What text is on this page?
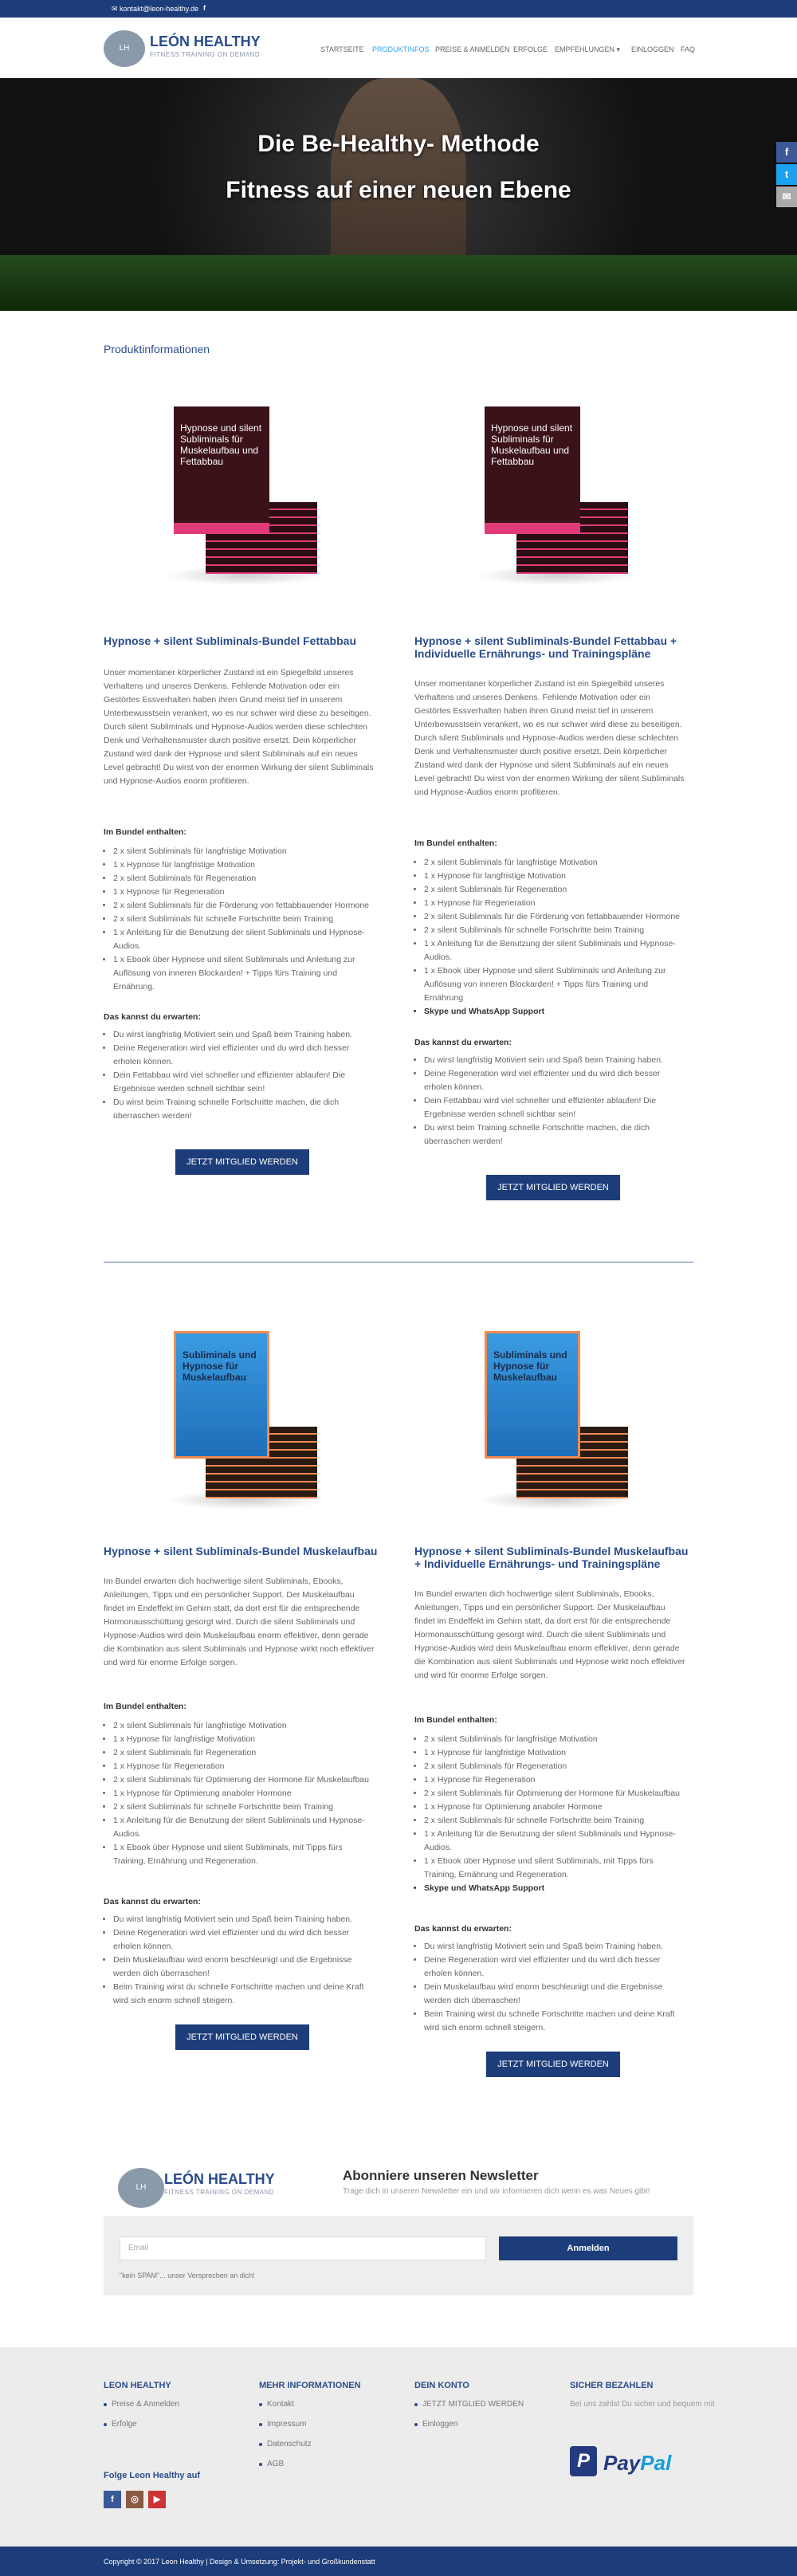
✉ kontakt@leon-healthy.de f
LH	LEÓN HEALTHY
FITNESS TRAINING ON DEMAND
STARTSEITE PRODUKTINFOS PREISE & ANMELDEN ERFOLGE EMPFEHLUNGEN ▾ EINLOGGEN FAQ
Die Be-Healthy- Methode
Fitness auf einer neuen Ebene
f
t
✉
Produktinformationen
Hypnose und silent Subliminals für Muskelaufbau und Fettabbau
Hypnose + silent Subliminals-Bundel Fettabbau
Unser momentaner körperlicher Zustand ist ein Spiegelbild unseres Verhaltens und unseres Denkens. Fehlende Motivation oder ein Gestörtes Essverhalten haben ihren Grund meist tief in unserem Unterbewusstsein verankert, wo es nur schwer wird diese zu beseitigen. Durch silent Subliminals und Hypnose-Audios werden diese schlechten Denk und Verhaltensmuster durch positive ersetzt. Dein körperlicher Zustand wird dank der Hypnose und silent Subliminals auf ein neues Level gebracht! Du wirst von der enormen Wirkung der silent Subliminals und Hypnose-Audios enorm profitieren.
Im Bundel enthalten:
• 2 x silent Subliminals für langfristige Motivation
• 1 x Hypnose für langfristige Motivation
• 2 x silent Subliminals für Regeneration
• 1 x Hypnose für Regeneration
• 2 x silent Subliminals für die Förderung von fettabbauender Hormone
• 2 x silent Subliminals für schnelle Fortschritte beim Training
• 1 x Anleitung für die Benutzung der silent Subliminals und Hypnose-Audios.
• 1 x Ebook über Hypnose und silent Subliminals und Anleitung zur Auflösung von inneren Blockarden! + Tipps fürs Training und Ernährung.
Das kannst du erwarten:
• Du wirst langfristig Motiviert sein und Spaß beim Training haben.
• Deine Regeneration wird viel effizienter und du wird dich besser erholen können.
• Dein Fettabbau wird viel schneller und effizienter ablaufen! Die Ergebnisse werden schnell sichtbar sein!
• Du wirst beim Training schnelle Fortschritte machen, die dich überraschen werden!
JETZT MITGLIED WERDEN
Hypnose und silent Subliminals für Muskelaufbau und Fettabbau
Hypnose + silent Subliminals-Bundel Fettabbau + Individuelle Ernährungs- und Trainingspläne
Unser momentaner körperlicher Zustand ist ein Spiegelbild unseres Verhaltens und unseres Denkens. Fehlende Motivation oder ein Gestörtes Essverhalten haben ihren Grund meist tief in unserem Unterbewusstsein verankert, wo es nur schwer wird diese zu beseitigen. Durch silent Subliminals und Hypnose-Audios werden diese schlechten Denk und Verhaltensmuster durch positive ersetzt. Dein körperlicher Zustand wird dank der Hypnose und silent Subliminals auf ein neues Level gebracht! Du wirst von der enormen Wirkung der silent Subliminals und Hypnose-Audios enorm profitieren.
Im Bundel enthalten:
• 2 x silent Subliminals für langfristige Motivation
• 1 x Hypnose für langfristige Motivation
• 2 x silent Subliminals für Regeneration
• 1 x Hypnose für Regeneration
• 2 x silent Subliminals für die Förderung von fettabbauender Hormone
• 2 x silent Subliminals für schnelle Fortschritte beim Training
• 1 x Anleitung für die Benutzung der silent Subliminals und Hypnose-Audios.
• 1 x Ebook über Hypnose und silent Subliminals und Anleitung zur Auflösung von inneren Blockarden! + Tipps fürs Training und Ernährung
• Skype und WhatsApp Support
Das kannst du erwarten:
• Du wirst langfristig Motiviert sein und Spaß beim Training haben.
• Deine Regeneration wird viel effizienter und du wird dich besser erholen können.
• Dein Fettabbau wird viel schneller und effizienter ablaufen! Die Ergebnisse werden schnell sichtbar sein!
• Du wirst beim Training schnelle Fortschritte machen, die dich überraschen werden!
JETZT MITGLIED WERDEN
Subliminals und Hypnose für Muskelaufbau
Hypnose + silent Subliminals-Bundel Muskelaufbau
Im Bundel erwarten dich hochwertige silent Subliminals, Ebooks, Anleitungen, Tipps und ein persönlicher Support. Der Muskelaufbau findet im Endeffekt im Gehirn statt, da dort erst für die entsprechende Hormonausschüttung gesorgt wird. Durch die silent Subliminals und Hypnose-Audios wird dein Muskelaufbau enorm effektiver, denn gerade die Kombination aus silent Subliminals und Hypnose wirkt noch effektiver und wird für enorme Erfolge sorgen.
Im Bundel enthalten:
• 2 x silent Subliminals für langfristige Motivation
• 1 x Hypnose für langfristige Motivation
• 2 x silent Subliminals für Regeneration
• 1 x Hypnose für Regeneration
• 2 x silent Subliminals für Optimierung der Hormone für Muskelaufbau
• 1 x Hypnose für Optimierung anaboler Hormone
• 2 x silent Subliminals für schnelle Fortschritte beim Training
• 1 x Anleitung für die Benutzung der silent Subliminals und Hypnose-Audios.
• 1 x Ebook über Hypnose und silent Subliminals, mit Tipps fürs Training, Ernährung und Regeneration.
Das kannst du erwarten:
• Du wirst langfristig Motiviert sein und Spaß beim Training haben.
• Deine Regeneration wird viel effizienter und du wird dich besser erholen können.
• Dein Muskelaufbau wird enorm beschleunigt und die Ergebnisse werden dich überraschen!
• Beim Training wirst du schnelle Fortschritte machen und deine Kraft wird sich enorm schnell steigern.
JETZT MITGLIED WERDEN
Subliminals und Hypnose für Muskelaufbau
Hypnose + silent Subliminals-Bundel Muskelaufbau + Individuelle Ernährungs- und Trainingspläne
Im Bundel erwarten dich hochwertige silent Subliminals, Ebooks, Anleitungen, Tipps und ein persönlicher Support. Der Muskelaufbau findet im Endeffekt im Gehirn statt, da dort erst für die entsprechende Hormonausschüttung gesorgt wird. Durch die silent Subliminals und Hypnose-Audios wird dein Muskelaufbau enorm effektiver, denn gerade die Kombination aus silent Subliminals und Hypnose wirkt noch effektiver und wird für enorme Erfolge sorgen.
Im Bundel enthalten:
• 2 x silent Subliminals für langfristige Motivation
• 1 x Hypnose für langfristige Motivation
• 2 x silent Subliminals für Regeneration
• 1 x Hypnose für Regeneration
• 2 x silent Subliminals für Optimierung der Hormone für Muskelaufbau
• 1 x Hypnose für Optimierung anaboler Hormone
• 2 x silent Subliminals für schnelle Fortschritte beim Training
• 1 x Anleitung für die Benutzung der silent Subliminals und Hypnose-Audios.
• 1 x Ebook über Hypnose und silent Subliminals, mit Tipps fürs Training, Ernährung und Regeneration.
• Skype und WhatsApp Support
Das kannst du erwarten:
• Du wirst langfristig Motiviert sein und Spaß beim Training haben.
• Deine Regeneration wird viel effizienter und du wird dich besser erholen können.
• Dein Muskelaufbau wird enorm beschleunigt und die Ergebnisse werden dich überraschen!
• Beim Training wirst du schnelle Fortschritte machen und deine Kraft wird sich enorm schnell steigern.
JETZT MITGLIED WERDEN
LH
LEÓN HEALTHY
FITNESS TRAINING ON DEMAND
Abonniere unseren Newsletter
Trage dich in unseren Newsletter ein und wir informieren dich wenn es was Neues gibt!
Email	Anmelden
"kein SPAM"... unser Versprechen an dich!
LEON HEALTHY
Preise & Anmelden
Erfolge
MEHR INFORMATIONEN
Kontakt
Impressum
Datenschutz
AGB
DEIN KONTO
JETZT MITGLIED WERDEN
Einloggen
SICHER BEZAHLEN

Bei uns zahlst Du sicher und bequem mit

P PayPal
Folge Leon Healthy auf
f	◎	▶
Copyright © 2017 Leon Healthy | Design & Umsetzung: Projekt- und Großkundenstatt
